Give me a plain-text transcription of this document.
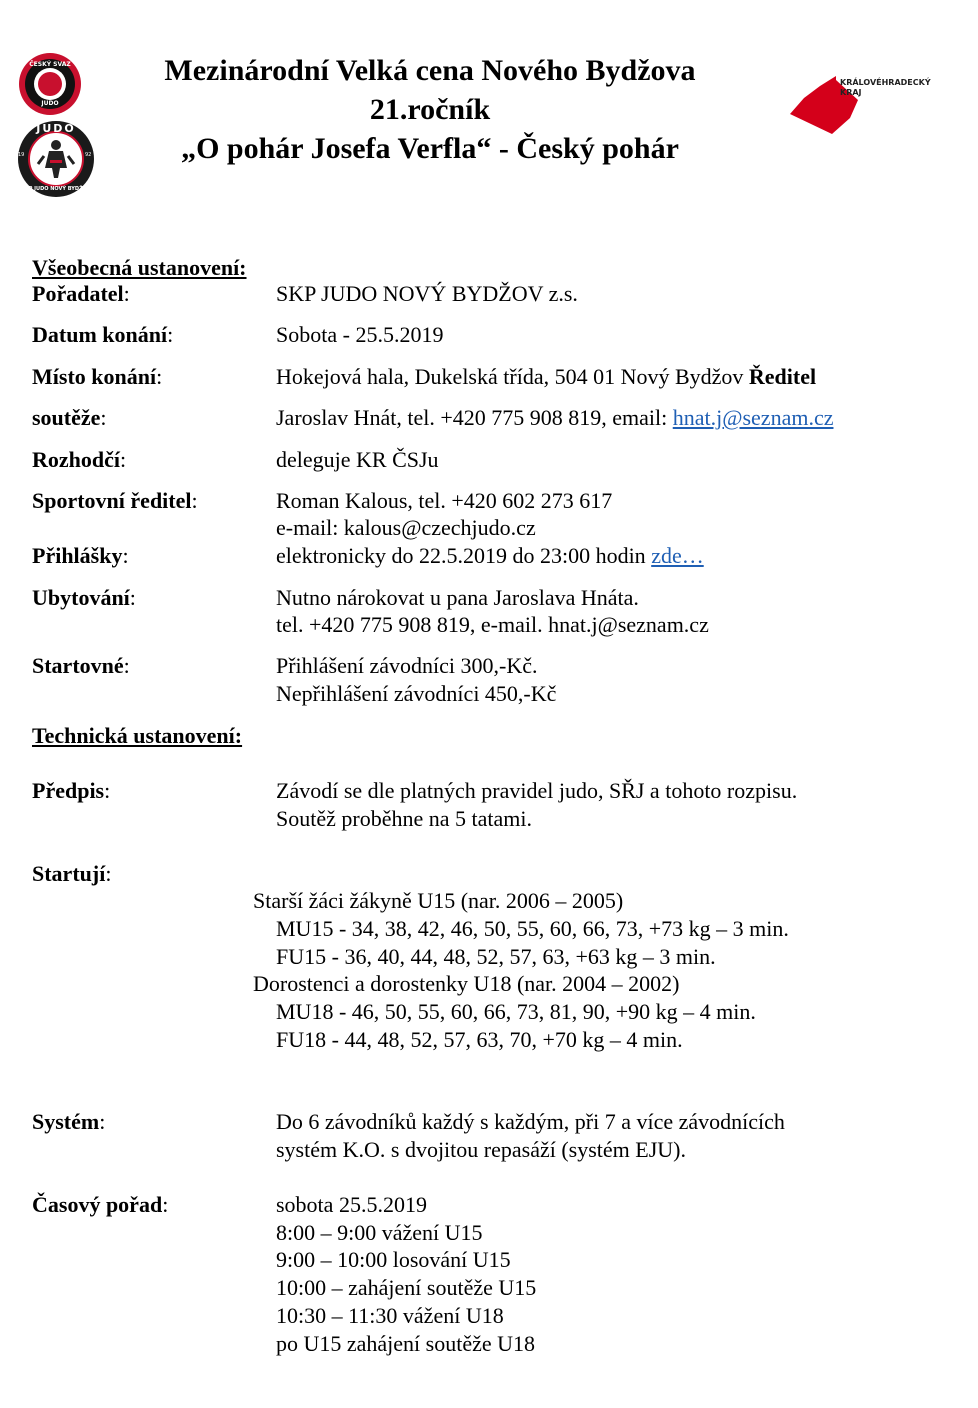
ČESKÝ SVAZ
JUDO
JUDO
19	92
SKP JUDO NOVÝ BYDŽOV
KRÁLOVÉHRADECKÝ
KRAJ
Mezinárodní Velká cena Nového Bydžova
21.ročník
„O pohár Josefa Verfla“ - Český pohár
Všeobecná ustanovení:
Pořadatel:	SKP JUDO NOVÝ BYDŽOV z.s.
Datum konání:	Sobota - 25.5.2019
Místo konání:	Hokejová hala, Dukelská třída, 504 01 Nový Bydžov Ředitel
soutěže:	Jaroslav Hnát, tel. +420 775 908 819, email: hnat.j@seznam.cz
Rozhodčí:	deleguje KR ČSJu
Sportovní ředitel:	Roman Kalous, tel. +420 602 273 617
e-mail: kalous@czechjudo.cz
Přihlášky:	elektronicky do 22.5.2019 do 23:00 hodin zde…
Ubytování:	Nutno nárokovat u pana Jaroslava Hnáta.
tel. +420 775 908 819, e-mail. hnat.j@seznam.cz
Startovné:	Přihlášení závodníci 300,-Kč.
Nepřihlášení závodníci 450,-Kč
Technická ustanovení:
Předpis:	Závodí se dle platných pravidel judo, SŘJ a tohoto rozpisu.
Soutěž proběhne na 5 tatami.
Startují:
Starší žáci žákyně U15 (nar. 2006 – 2005)
MU15 - 34, 38, 42, 46, 50, 55, 60, 66, 73, +73 kg – 3 min.
FU15 - 36, 40, 44, 48, 52, 57, 63, +63 kg – 3 min.
Dorostenci a dorostenky U18 (nar. 2004 – 2002)
MU18 - 46, 50, 55, 60, 66, 73, 81, 90, +90 kg – 4 min.
FU18 - 44, 48, 52, 57, 63, 70, +70 kg – 4 min.
Systém:	Do 6 závodníků každý s každým, při 7 a více závodnících
systém K.O. s dvojitou repasáží (systém EJU).
Časový pořad:	sobota 25.5.2019
8:00 – 9:00 vážení U15
9:00 – 10:00 losování U15
10:00 – zahájení soutěže U15
10:30 – 11:30 vážení U18
po U15 zahájení soutěže U18
